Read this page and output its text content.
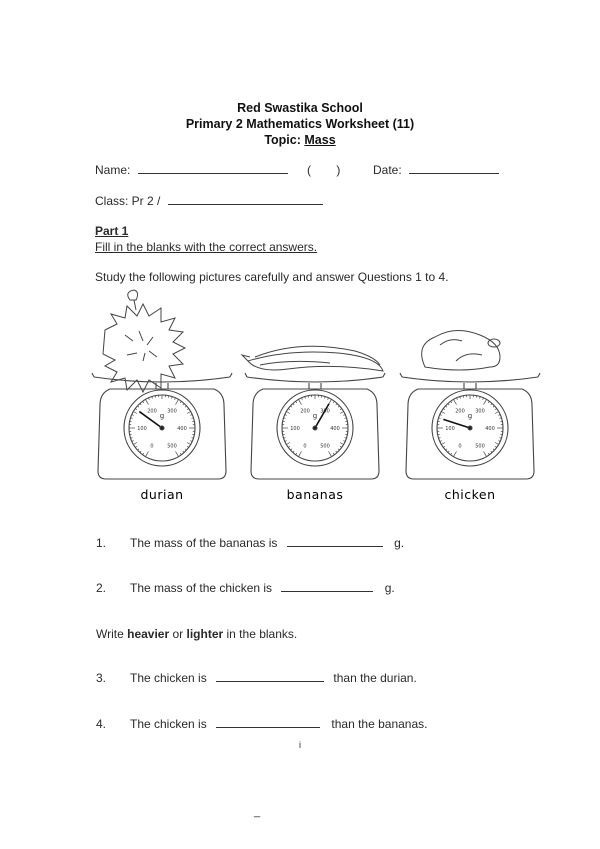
Red Swastika School
Primary 2 Mathematics Worksheet (11)
Topic: Mass
Name:	( )	Date:
Class: Pr 2 /
Part 1
Fill in the blanks with the correct answers.
Study the following pictures carefully and answer Questions 1 to 4.
0
100
200 300
400
500
g
0
100
200 300
400
500
g
0
100
200 300
400
500
g
durian	bananas	chicken
1. The mass of the bananas is	g.
2. The mass of the chicken is	g.
Write heavier or lighter in the blanks.
3. The chicken is	than the durian.
4. The chicken is	than the bananas.
i
_
